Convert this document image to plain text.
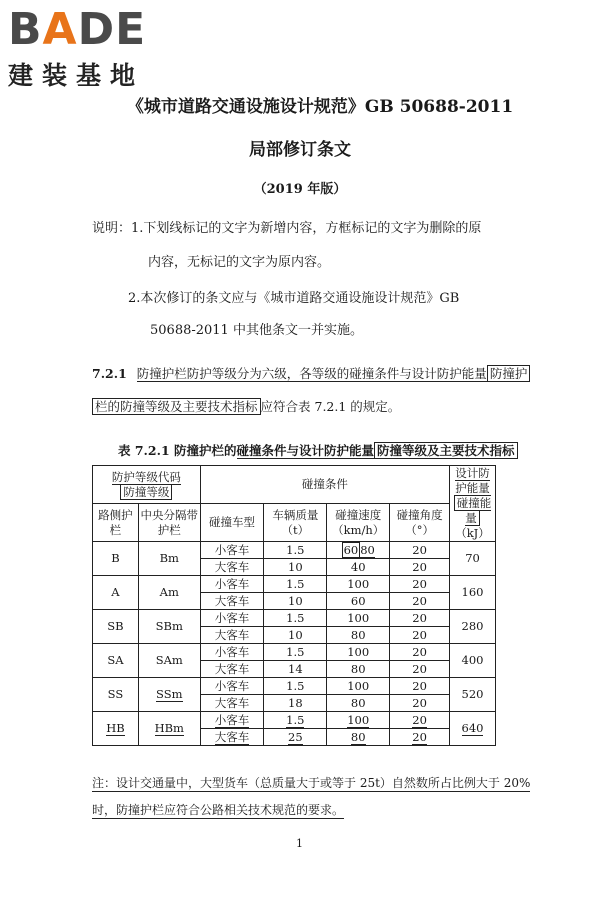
BADE
建装基地
《城市道路交通设施设计规范》GB 50688-2011
局部修订条文
（2019 年版）
说明：1.下划线标记的文字为新增内容，方框标记的文字为删除的原
内容，无标记的文字为原内容。
2.本次修订的条文应与《城市道路交通设施设计规范》GB
50688-2011 中其他条文一并实施。
7.2.1 防撞护栏防护等级分为六级，各等级的碰撞条件与设计防护能量 防撞护
栏的防撞等级及主要技术指标 应符合表 7.2.1 的规定。
表 7.2.1 防撞护栏的碰撞条件与设计防护能量 防撞等级及主要技术指标
防护等级代码
防撞等级		碰撞条件				设计防护能量
碰撞能量
（kJ）
路侧护栏	中央分隔带护栏	碰撞车型	车辆质量（t）	碰撞速度（km/h）	碰撞角度（°）	
B	Bm	小客车	1.5	60 80	20	70
		大客车	10	40	20	
A	Am	小客车	1.5	100	20	160
		大客车	10	60	20	
SB	SBm	小客车	1.5	100	20	280
		大客车	10	80	20	
SA	SAm	小客车	1.5	100	20	400
		大客车	14	80	20	
SS	SSm	小客车	1.5	100	20	520
		大客车	18	80	20	
HB	HBm	小客车	1.5	100	20	640
		大客车	25	80	20	
注：设计交通量中，大型货车（总质量大于或等于 25t）自然数所占比例大于 20%
时，防撞护栏应符合公路相关技术规范的要求。
1
